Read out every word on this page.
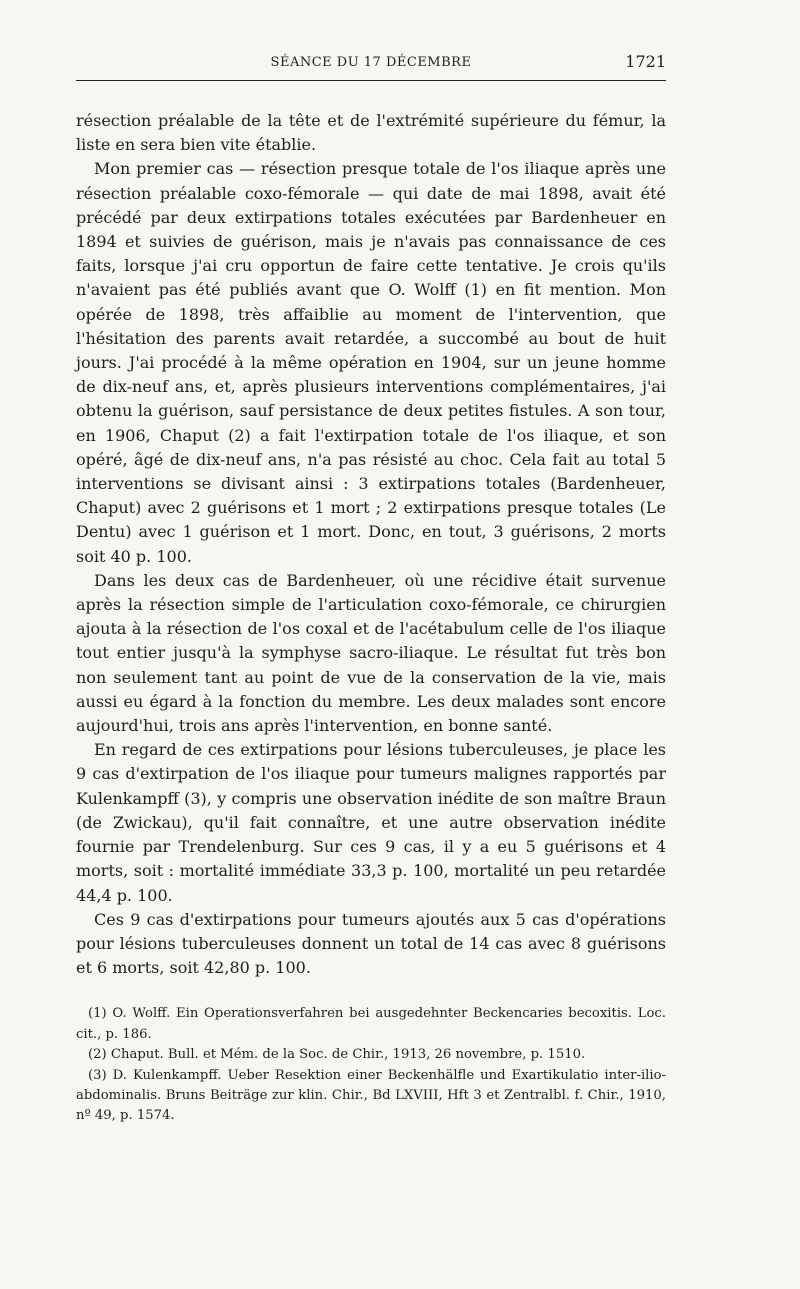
SÉANCE DU 17 DÉCEMBRE	1721

résection préalable de la tête et de l'extrémité supérieure du fémur, la liste en sera bien vite établie.

Mon premier cas — résection presque totale de l'os iliaque après une résection préalable coxo-fémorale — qui date de mai 1898, avait été précédé par deux extirpations totales exécutées par Bardenheuer en 1894 et suivies de guérison, mais je n'avais pas connaissance de ces faits, lorsque j'ai cru opportun de faire cette tentative. Je crois qu'ils n'avaient pas été publiés avant que O. Wolff (1) en fit mention. Mon opérée de 1898, très affaiblie au moment de l'intervention, que l'hésitation des parents avait retardée, a succombé au bout de huit jours. J'ai procédé à la même opération en 1904, sur un jeune homme de dix-neuf ans, et, après plusieurs interventions complémentaires, j'ai obtenu la guérison, sauf persistance de deux petites fistules. A son tour, en 1906, Chaput (2) a fait l'extirpation totale de l'os iliaque, et son opéré, âgé de dix-neuf ans, n'a pas résisté au choc. Cela fait au total 5 interventions se divisant ainsi : 3 extirpations totales (Bardenheuer, Chaput) avec 2 guérisons et 1 mort ; 2 extirpations presque totales (Le Dentu) avec 1 guérison et 1 mort. Donc, en tout, 3 guérisons, 2 morts soit 40 p. 100.

Dans les deux cas de Bardenheuer, où une récidive était survenue après la résection simple de l'articulation coxo-fémorale, ce chirurgien ajouta à la résection de l'os coxal et de l'acétabulum celle de l'os iliaque tout entier jusqu'à la symphyse sacro-iliaque. Le résultat fut très bon non seulement tant au point de vue de la conservation de la vie, mais aussi eu égard à la fonction du membre. Les deux malades sont encore aujourd'hui, trois ans après l'intervention, en bonne santé.

En regard de ces extirpations pour lésions tuberculeuses, je place les 9 cas d'extirpation de l'os iliaque pour tumeurs malignes rapportés par Kulenkampff (3), y compris une observation inédite de son maître Braun (de Zwickau), qu'il fait connaître, et une autre observation inédite fournie par Trendelenburg. Sur ces 9 cas, il y a eu 5 guérisons et 4 morts, soit : mortalité immédiate 33,3 p. 100, mortalité un peu retardée 44,4 p. 100.

Ces 9 cas d'extirpations pour tumeurs ajoutés aux 5 cas d'opérations pour lésions tuberculeuses donnent un total de 14 cas avec 8 guérisons et 6 morts, soit 42,80 p. 100.

(1) O. Wolff. Ein Operationsverfahren bei ausgedehnter Beckencaries becoxitis. Loc. cit., p. 186.

(2) Chaput. Bull. et Mém. de la Soc. de Chir., 1913, 26 novembre, p. 1510.

(3) D. Kulenkampff. Ueber Resektion einer Beckenhälfle und Exartikulatio inter-ilio-abdominalis. Bruns Beiträge zur klin. Chir., Bd LXVIII, Hft 3 et Zentralbl. f. Chir., 1910, nº 49, p. 1574.
